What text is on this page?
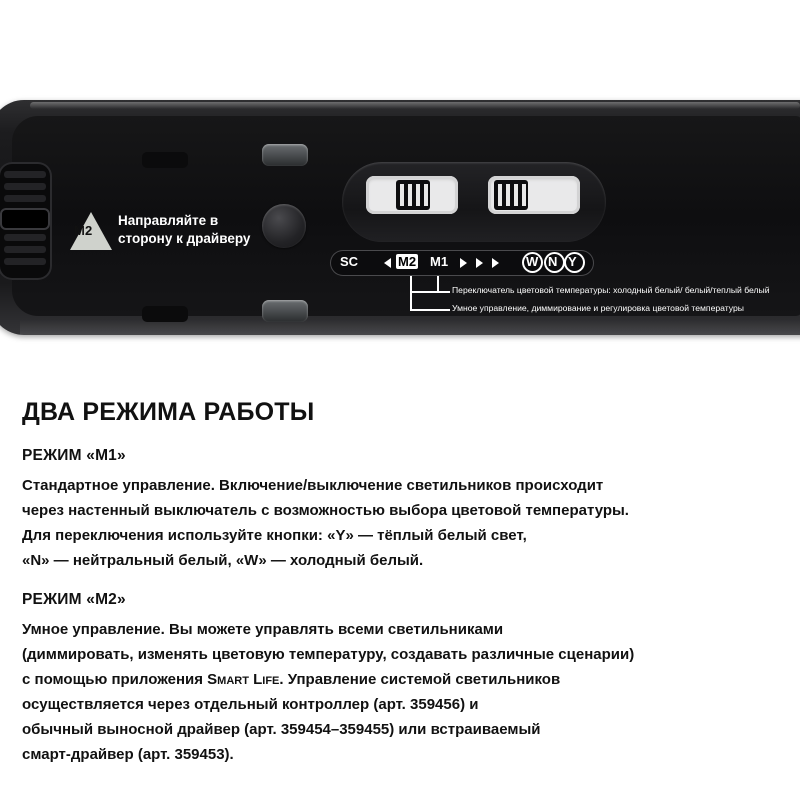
M2
Направляйте в сторону к драйверу
SC	M2 M1	W N Y
Переключатель цветовой температуры: холодный белый/ белый/теплый белый
Умное управление, диммирование и регулировка цветовой температуры
ДВА РЕЖИМА РАБОТЫ
РЕЖИМ «M1»

Стандартное управление. Включение/выключение светильников происходит
через настенный выключатель с возможностью выбора цветовой температуры.
Для переключения используйте кнопки: «Y» — тёплый белый свет,
«N» — нейтральный белый, «W» — холодный белый.

РЕЖИМ «M2»

Умное управление. Вы можете управлять всеми светильниками
(диммировать, изменять цветовую температуру, создавать различные сценарии)
с помощью приложения Smart Life. Управление системой светильников
осуществляется через отдельный контроллер (арт. 359456) и
обычный выносной драйвер (арт. 359454–359455) или встраиваемый
смарт-драйвер (арт. 359453).
